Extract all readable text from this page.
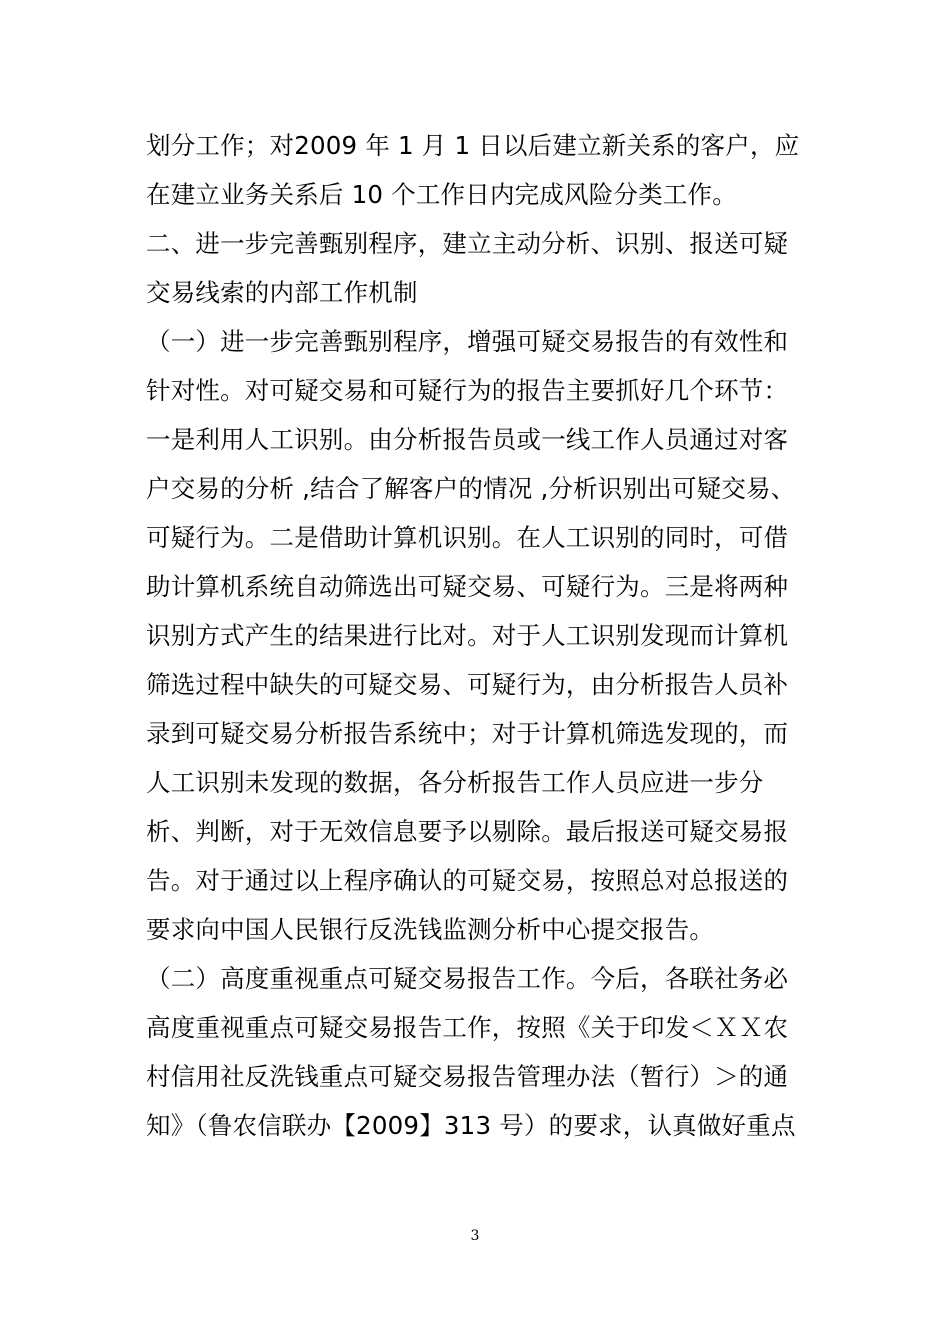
划分工作；对2009 年 1 月 1 日以后建立新关系的客户，应
在建立业务关系后 10 个工作日内完成风险分类工作。
二、进一步完善甄别程序，建立主动分析、识别、报送可疑
交易线索的内部工作机制
（一）进一步完善甄别程序，增强可疑交易报告的有效性和
针对性。对可疑交易和可疑行为的报告主要抓好几个环节：
一是利用人工识别。由分析报告员或一线工作人员通过对客
户交易的分析 ,结合了解客户的情况 ,分析识别出可疑交易、
可疑行为。二是借助计算机识别。在人工识别的同时，可借
助计算机系统自动筛选出可疑交易、可疑行为。三是将两种
识别方式产生的结果进行比对。对于人工识别发现而计算机
筛选过程中缺失的可疑交易、可疑行为，由分析报告人员补
录到可疑交易分析报告系统中；对于计算机筛选发现的，而
人工识别未发现的数据，各分析报告工作人员应进一步分
析、判断，对于无效信息要予以剔除。最后报送可疑交易报
告。对于通过以上程序确认的可疑交易，按照总对总报送的
要求向中国人民银行反洗钱监测分析中心提交报告。
（二）高度重视重点可疑交易报告工作。今后，各联社务必
高度重视重点可疑交易报告工作，按照《关于印发＜ＸＸ农
村信用社反洗钱重点可疑交易报告管理办法（暂行）＞的通
知》（鲁农信联办【2009】313 号）的要求，认真做好重点
3
